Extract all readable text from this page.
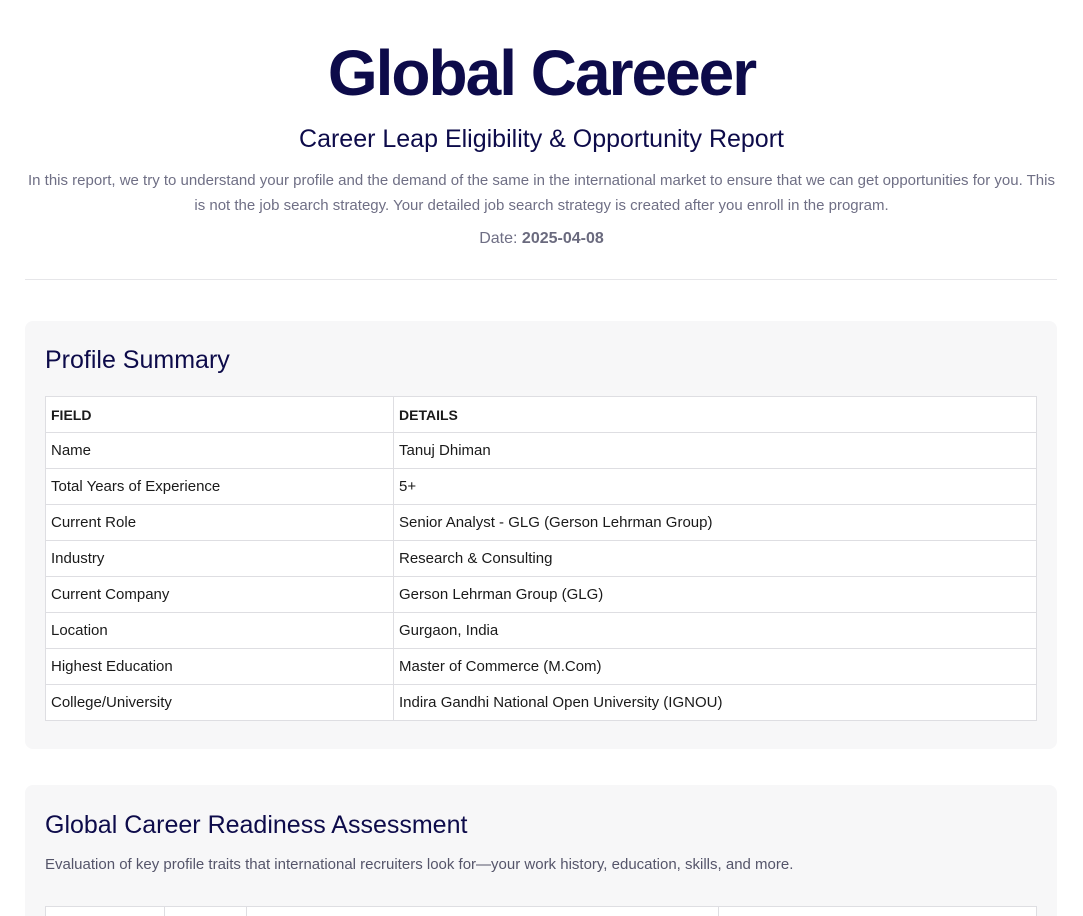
Global Careeer
Career Leap Eligibility & Opportunity Report
In this report, we try to understand your profile and the demand of the same in the international market to ensure that we can get opportunities for you. This is not the job search strategy. Your detailed job search strategy is created after you enroll in the program.
Date: 2025-04-08
Profile Summary
FIELD	DETAILS
Name	Tanuj Dhiman
Total Years of Experience	5+
Current Role	Senior Analyst - GLG (Gerson Lehrman Group)
Industry	Research & Consulting
Current Company	Gerson Lehrman Group (GLG)
Location	Gurgaon, India
Highest Education	Master of Commerce (M.Com)
College/University	Indira Gandhi National Open University (IGNOU)
Global Career Readiness Assessment
Evaluation of key profile traits that international recruiters look for—your work history, education, skills, and more.
